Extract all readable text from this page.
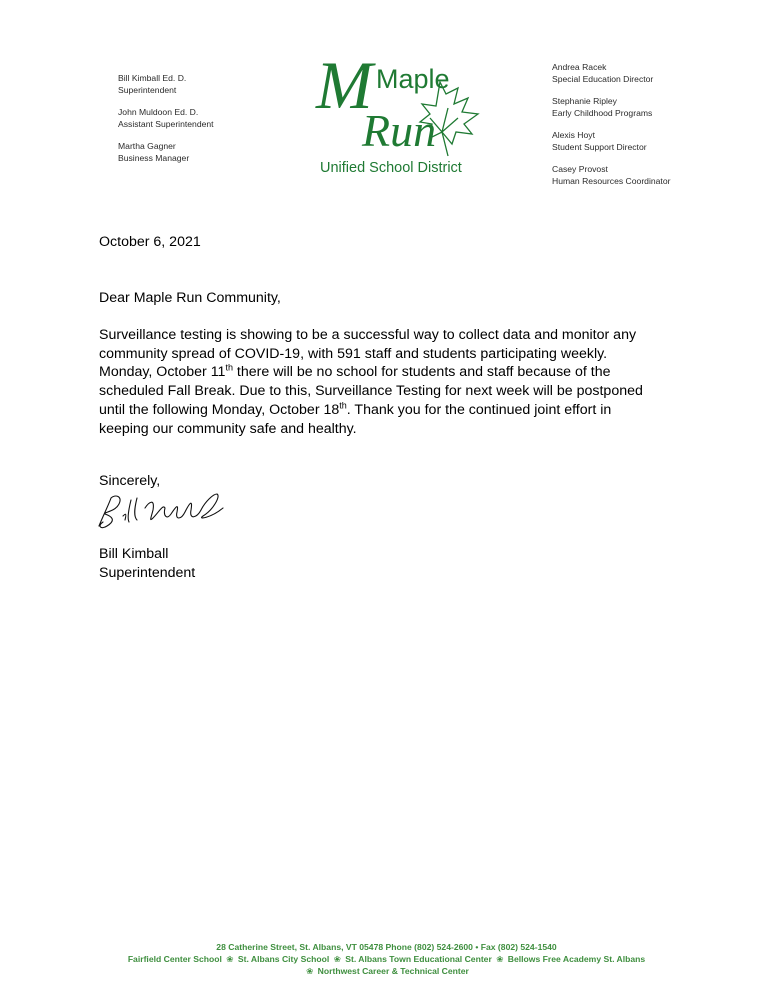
Bill Kimball Ed. D.
Superintendent
John Muldoon Ed. D.
Assistant Superintendent
Martha Gagner
Business Manager
M Maple
Run
Unified School District
Andrea Racek
Special Education Director
Stephanie Ripley
Early Childhood Programs
Alexis Hoyt
Student Support Director
Casey Provost
Human Resources Coordinator
October 6, 2021
Dear Maple Run Community,
Surveillance testing is showing to be a successful way to collect data and monitor any community spread of COVID-19, with 591 staff and students participating weekly. Monday, October 11th there will be no school for students and staff because of the scheduled Fall Break. Due to this, Surveillance Testing for next week will be postponed until the following Monday, October 18th. Thank you for the continued joint effort in keeping our community safe and healthy.
Sincerely,
Bill Kimball
Superintendent
28 Catherine Street, St. Albans, VT 05478 Phone (802) 524-2600 • Fax (802) 524-1540
Fairfield Center School ❀ St. Albans City School ❀ St. Albans Town Educational Center ❀ Bellows Free Academy St. Albans
❀ Northwest Career & Technical Center
